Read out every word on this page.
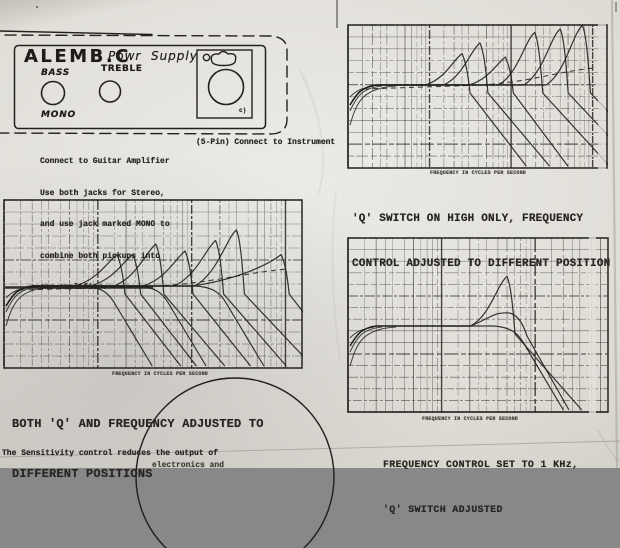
ALEMB.C
Powr  Supply
BASS	TREBLE
MONO	c)

Connect to Guitar Amplifier

Use both jacks for Stereo,

and use jack marked MONO to

combine both pickups into

one amplifier.

(5-Pin) Connect to Instrument
FREQUENCY IN CYCLES PER SECOND
FREQUENCY IN CYCLES PER SECOND
FREQUENCY IN CYCLES PER SECOND

'Q' SWITCH ON HIGH ONLY, FREQUENCY

CONTROL ADJUSTED TO DIFFERENT POSITION

BOTH 'Q' AND FREQUENCY ADJUSTED TO

DIFFERENT POSITIONS

FREQUENCY CONTROL SET TO 1 KHz,

'Q' SWITCH ADJUSTED

The Sensitivity control reduces the output of
electronics and
